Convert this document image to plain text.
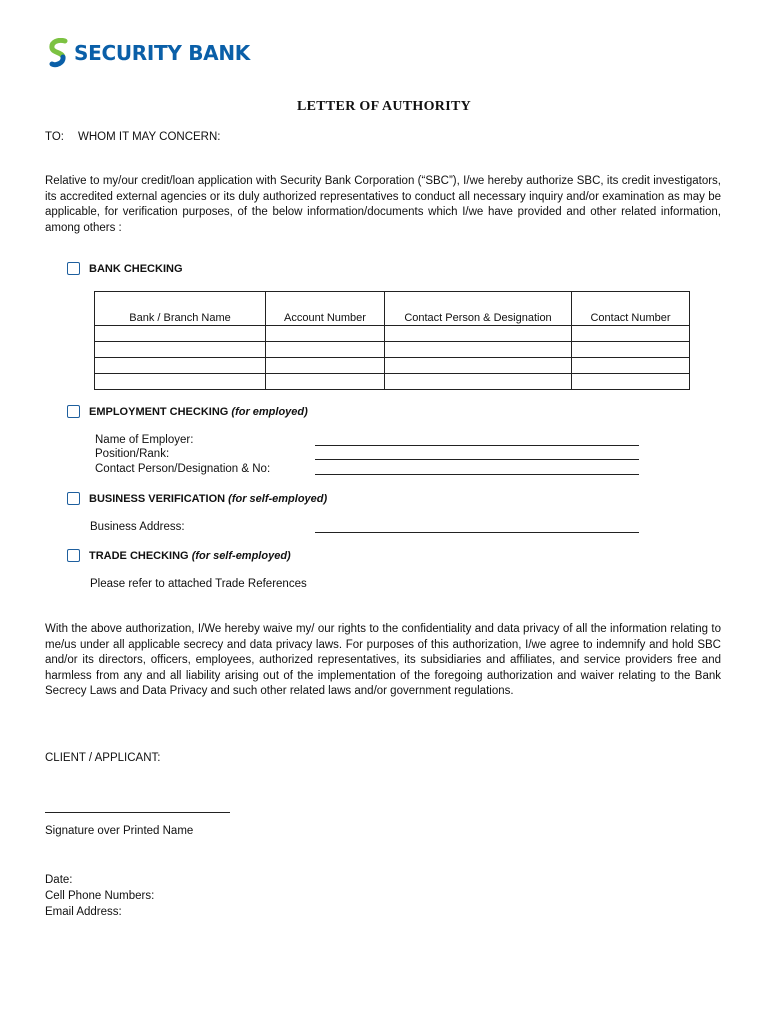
SECURITY BANK
LETTER OF AUTHORITY
TO: WHOM IT MAY CONCERN:
Relative to my/our credit/loan application with Security Bank Corporation (“SBC”), I/we hereby authorize SBC, its credit investigators, its accredited external agencies or its duly authorized representatives to conduct all necessary inquiry and/or examination as may be applicable, for verification purposes, of the below information/documents which I/we have provided and other related information, among others :
BANK CHECKING
Bank / Branch Name	Account Number	Contact Person & Designation	Contact Number

EMPLOYMENT CHECKING (for employed)
Name of Employer:
Position/Rank:
Contact Person/Designation & No:
BUSINESS VERIFICATION (for self-employed)
Business Address:
TRADE CHECKING (for self-employed)
Please refer to attached Trade References
With the above authorization, I/We hereby waive my/ our rights to the confidentiality and data privacy of all the information relating to me/us under all applicable secrecy and data privacy laws. For purposes of this authorization, I/we agree to indemnify and hold SBC and/or its directors, officers, employees, authorized representatives, its subsidiaries and affiliates, and service providers free and harmless from any and all liability arising out of the implementation of the foregoing authorization and waiver relating to the Bank Secrecy Laws and Data Privacy and such other related laws and/or government regulations.
CLIENT / APPLICANT:
Signature over Printed Name
Date:
Cell Phone Numbers:
Email Address:
